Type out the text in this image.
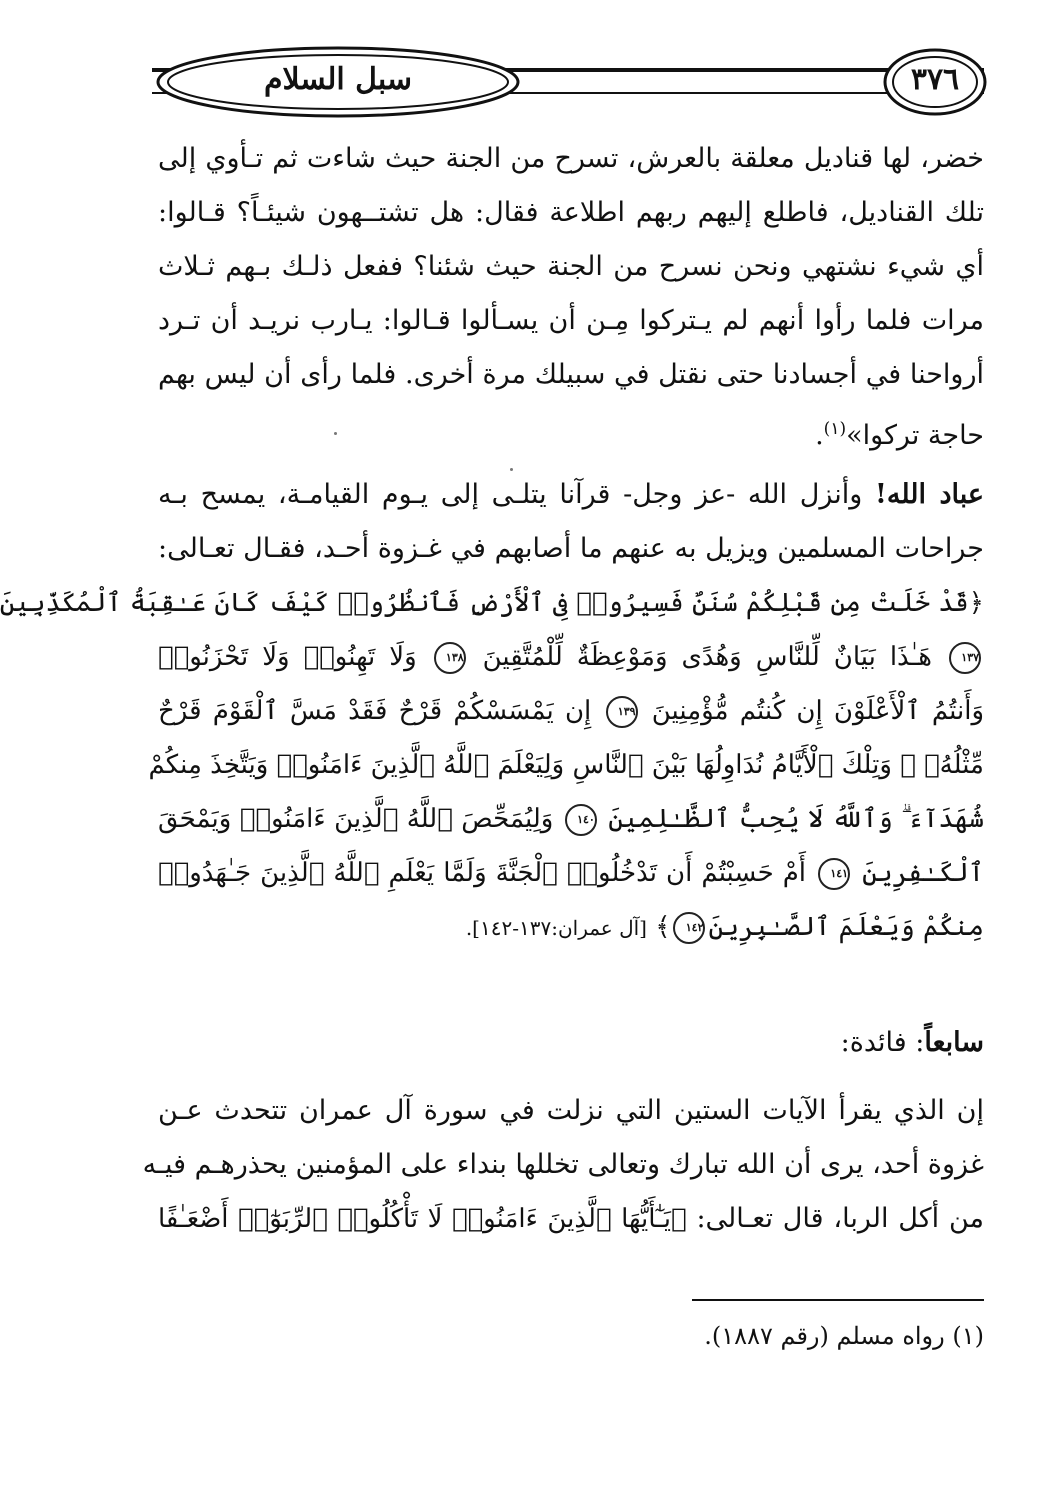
سبل السلام	٣٧٦
خضر، لها قناديل معلقة بالعرش، تسرح من الجنة حيث شاءت ثم تـأوي إلى
تلك القناديل، فاطلع إليهم ربهم اطلاعة فقال: هل تشتــهون شيئـاً؟ قـالوا:
أي شيء نشتهي ونحن نسرح من الجنة حيث شئنا؟ ففعل ذلـك بـهم ثـلاث
مرات فلما رأوا أنهم لم يـتركوا مِـن أن يسـألوا قـالوا: يـارب نريـد أن تـرد
أرواحنا في أجسادنا حتى نقتل في سبيلك مرة أخرى. فلما رأى أن ليس بهم
حاجة تركوا»$^{(١)}$.
عباد الله! وأنزل الله -عز وجل- قرآنا يتلـى إلى يـوم القيامـة، يمسح بـه
جراحات المسلمين ويزيل به عنهم ما أصابهم في غـزوة أحـد، فقـال تعـالى:
﴿قَدْ خَلَتْ مِن قَبْلِكُمْ سُنَنٌ فَسِيرُوا۟ فِى ٱلْأَرْضِ فَٱنظُرُوا۟ كَيْفَ كَانَ عَـٰقِبَةُ ٱلْمُكَذِّبِينَ
١٣٧ هَـٰذَا بَيَانٌ لِّلنَّاسِ وَهُدًى وَمَوْعِظَةٌ لِّلْمُتَّقِينَ ١٣٨ وَلَا تَهِنُوا۟ وَلَا تَحْزَنُوا۟
وَأَنتُمُ ٱلْأَعْلَوْنَ إِن كُنتُم مُّؤْمِنِينَ ١٣٩ إِن يَمْسَسْكُمْ قَرْحٌ فَقَدْ مَسَّ ٱلْقَوْمَ قَرْحٌ
مِّثْلُهُۥ ۚ وَتِلْكَ ٱلْأَيَّامُ نُدَاوِلُهَا بَيْنَ ٱلنَّاسِ وَلِيَعْلَمَ ٱللَّهُ ٱلَّذِينَ ءَامَنُوا۟ وَيَتَّخِذَ مِنكُمْ
شُهَدَآءَ ۗ وَٱللَّهُ لَا يُحِبُّ ٱلظَّـٰلِمِينَ ١٤٠ وَلِيُمَحِّصَ ٱللَّهُ ٱلَّذِينَ ءَامَنُوا۟ وَيَمْحَقَ
ٱلْكَـٰفِرِينَ ١٤١ أَمْ حَسِبْتُمْ أَن تَدْخُلُوا۟ ٱلْجَنَّةَ وَلَمَّا يَعْلَمِ ٱللَّهُ ٱلَّذِينَ جَـٰهَدُوا۟
مِنكُمْ وَيَعْلَمَ ٱلصَّـٰبِرِينَ١٤٢﴾ [آل عمران:١٣٧-١٤٢].
سابعاً: فائدة:
إن الذي يقرأ الآيات الستين التي نزلت في سورة آل عمران تتحدث عـن
غزوة أحد، يرى أن الله تبارك وتعالى تخللها بنداء على المؤمنين يحذرهـم فيـه
من أكل الربا، قال تعـالى: ﴿يَـٰٓأَيُّهَا ٱلَّذِينَ ءَامَنُوا۟ لَا تَأْكُلُوا۟ ٱلرِّبَوٰٓا۟ أَضْعَـٰفًا
(١) رواه مسلم (رقم ١٨٨٧).
